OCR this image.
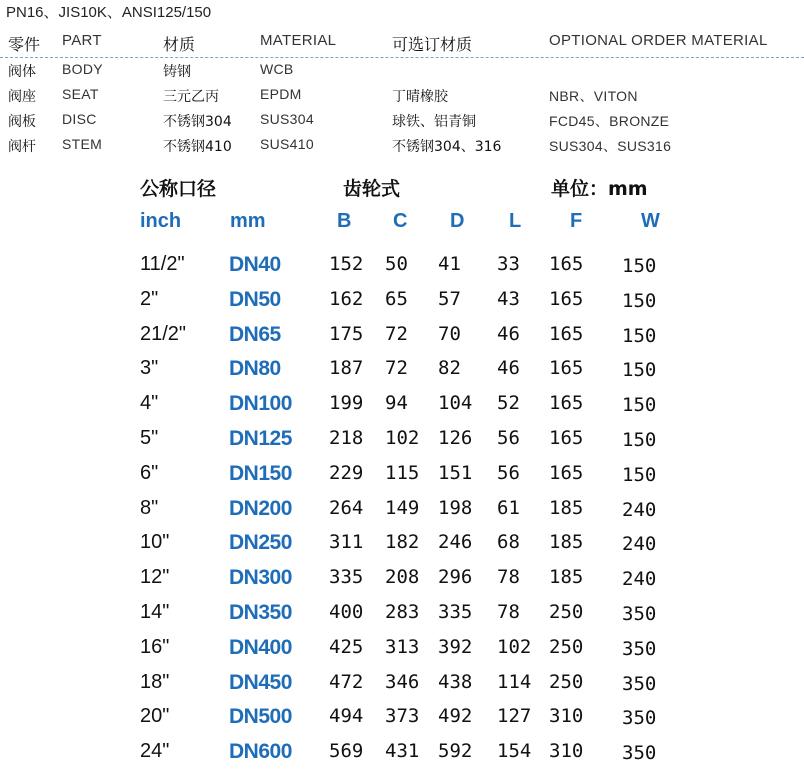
PN16、JIS10K、ANSI125/150
零件 PART	材质	MATERIAL	可选订材质	OPTIONAL ORDER MATERIAL
阀体 BODY	铸钢	WCB
阀座 SEAT	三元乙丙	EPDM	丁晴橡胶	NBR、VITON
阀板 DISC	不锈钢304 SUS304	球铁、铝青铜	FCD45、BRONZE
阀杆 STEM	不锈钢410 SUS410	不锈钢304、316	SUS304、SUS316
公称口径	齿轮式	单位：mm
inch mm	B C D L F	W
11/2" DN40	152 50 41 33 165 150
2"	DN50	162 65 57 43 165 150
21/2" DN65	175 72 70 46 165 150
3"	DN80	187 72 82 46 165 150
4"	DN100 199 94 104 52 165 150
5"	DN125 218 102 126 56 165 150
6"	DN150 229 115 151 56 165 150
8"	DN200 264 149 198 61 185 240
10"	DN250 311 182 246 68 185 240
12"	DN300 335 208 296 78 185 240
14"	DN350 400 283 335 78 250 350
16"	DN400 425 313 392 102 250 350
18"	DN450 472 346 438 114 250 350
20"	DN500 494 373 492 127 310 350
24"	DN600 569 431 592 154 310 350
